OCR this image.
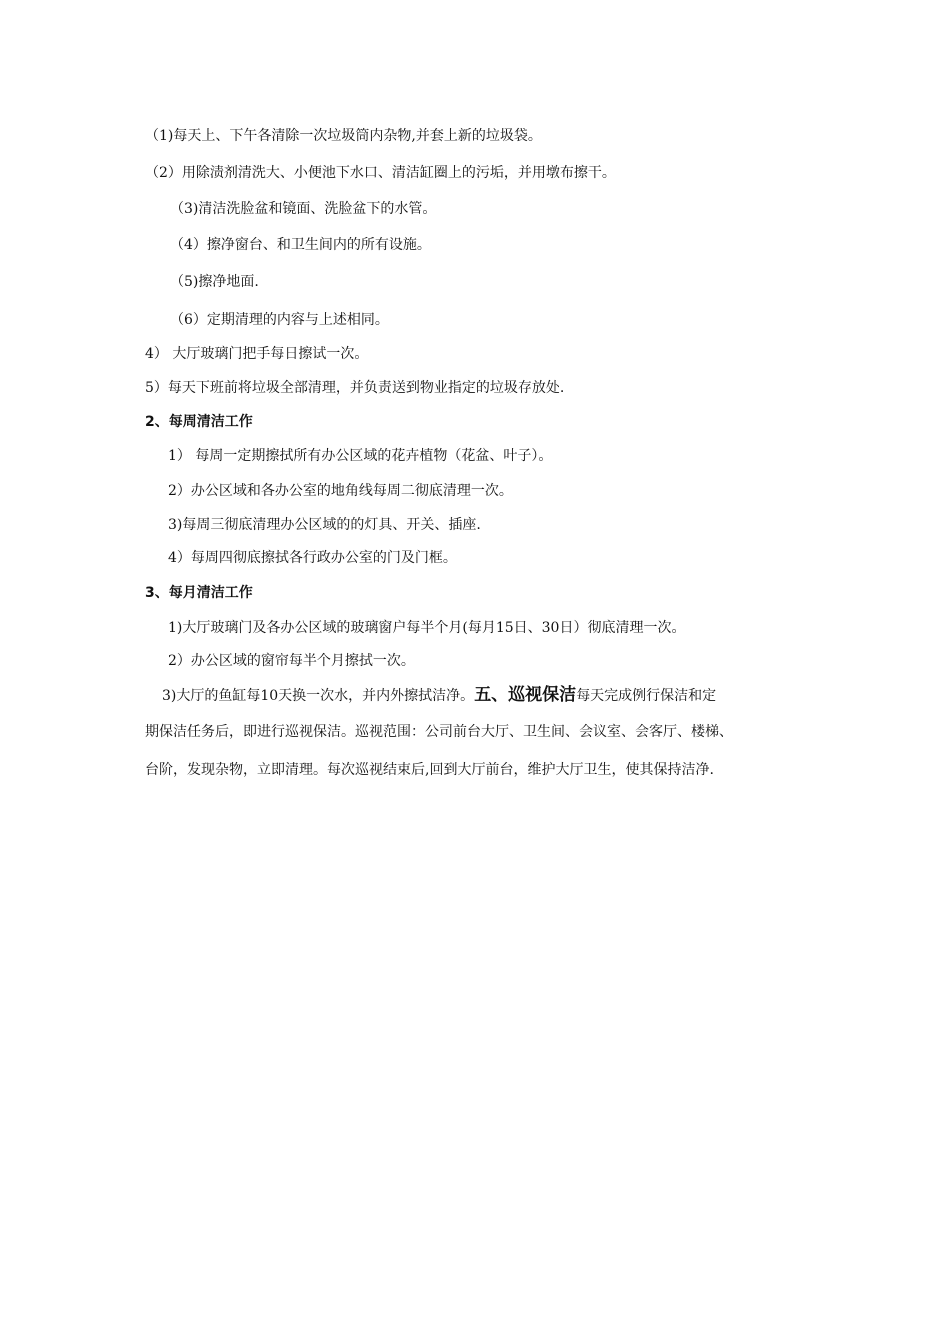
（1)每天上、下午各清除一次垃圾筒内杂物,并套上新的垃圾袋。
（2）用除渍剂清洗大、小便池下水口、清洁缸圈上的污垢，并用墩布擦干。
（3)清洁洗脸盆和镜面、洗脸盆下的水管。
（4）擦净窗台、和卫生间内的所有设施。
（5)擦净地面.
（6）定期清理的内容与上述相同。
4） 大厅玻璃门把手每日擦试一次。
5）每天下班前将垃圾全部清理，并负责送到物业指定的垃圾存放处.
2、每周清洁工作
1） 每周一定期擦拭所有办公区域的花卉植物（花盆、叶子）。
2）办公区域和各办公室的地角线每周二彻底清理一次。
3)每周三彻底清理办公区域的的灯具、开关、插座.
4）每周四彻底擦拭各行政办公室的门及门框。
3、每月清洁工作
1)大厅玻璃门及各办公区域的玻璃窗户每半个月(每月15日、30日）彻底清理一次。
2）办公区域的窗帘每半个月擦拭一次。
3)大厅的鱼缸每10天换一次水，并内外擦拭洁净。五、巡视保洁每天完成例行保洁和定
期保洁任务后，即进行巡视保洁。巡视范围：公司前台大厅、卫生间、会议室、会客厅、楼梯、
台阶，发现杂物，立即清理。每次巡视结束后,回到大厅前台，维护大厅卫生，使其保持洁净.
